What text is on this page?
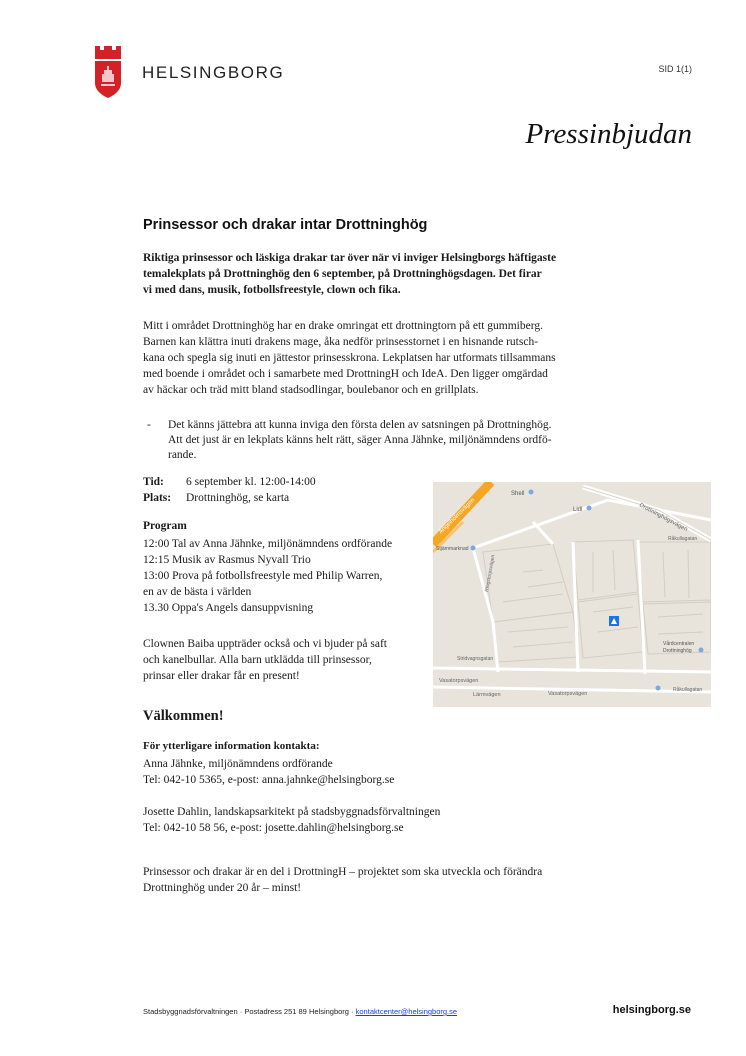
HELSINGBORG	SID 1(1)
Pressinbjudan
Prinsessor och drakar intar Drottninghög
Riktiga prinsessor och läskiga drakar tar över när vi inviger Helsingborgs häftigaste
temalekplats på Drottninghög den 6 september, på Drottninghögsdagen. Det firar
vi med dans, musik, fotbollsfreestyle, clown och fika.
Mitt i området Drottninghög har en drake omringat ett drottningtorn på ett gummiberg.
Barnen kan klättra inuti drakens mage, åka nedför prinsesstornet i en hisnande rutsch-
kana och spegla sig inuti en jättestor prinsesskrona. Lekplatsen har utformats tillsammans
med boende i området och i samarbete med DrottningH och IdeA. Den ligger omgärdad
av häckar och träd mitt bland stadsodlingar, boulebanor och en grillplats.
- Det känns jättebra att kunna inviga den första delen av satsningen på Drottninghög.
Att det just är en lekplats känns helt rätt, säger Anna Jähnke, miljönämndens ordfö-
rande.
Tid:	6 september kl. 12:00-14:00
Plats:	Drottninghög, se karta
Program
12:00 Tal av Anna Jähnke, miljönämndens ordförande
12:15 Musik av Rasmus Nyvall Trio
13:00 Prova på fotbollsfreestyle med Philip Warren,
en av de bästa i världen
13.30 Oppa's Angels dansuppvisning
Clownen Baiba uppträder också och vi bjuder på saft
och kanelbullar. Alla barn utklädda till prinsessor,
prinsar eller drakar får en present!
Shell
Lidl	Drottninghögsvägen
Råkullagatan
Stjärnmarknad
Ängelholmsvägen
Ringstorpsvägen
Vårdcentralen
Drottninghög
Stridvagnsgatan
Vasatorpsvägen
Lärmvägen	Vasatorpsvägen
Råkullagatan
Välkommen!
För ytterligare information kontakta:
Anna Jähnke, miljönämndens ordförande
Tel: 042-10 5365, e-post: anna.jahnke@helsingborg.se
Josette Dahlin, landskapsarkitekt på stadsbyggnadsförvaltningen
Tel: 042-10 58 56, e-post: josette.dahlin@helsingborg.se
Prinsessor och drakar är en del i DrottningH – projektet som ska utveckla och förändra
Drottninghög under 20 år – minst!
Stadsbyggnadsförvaltningen · Postadress 251 89 Helsingborg · kontaktcenter@helsingborg.se	helsingborg.se
